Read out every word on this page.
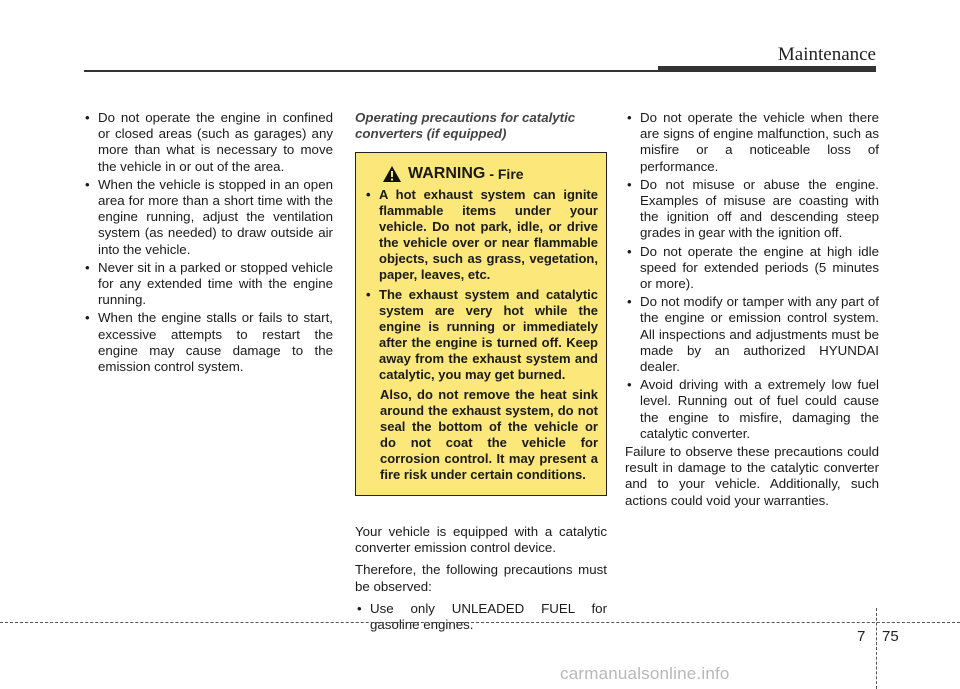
Maintenance
• Do not operate the engine in confined or closed areas (such as garages) any more than what is necessary to move the vehicle in or out of the area.
• When the vehicle is stopped in an open area for more than a short time with the engine running, adjust the ventilation system (as needed) to draw outside air into the vehicle.
• Never sit in a parked or stopped vehicle for any extended time with the engine running.
• When the engine stalls or fails to start, excessive attempts to restart the engine may cause damage to the emission control system.
Operating precautions for catalytic converters (if equipped)
WARNING - Fire
• A hot exhaust system can ignite flammable items under your vehicle. Do not park, idle, or drive the vehicle over or near flammable objects, such as grass, vegetation, paper, leaves, etc.
• The exhaust system and catalytic system are very hot while the engine is running or immediately after the engine is turned off. Keep away from the exhaust system and catalytic, you may get burned.

Also, do not remove the heat sink around the exhaust system, do not seal the bottom of the vehicle or do not coat the vehicle for corrosion control. It may present a fire risk under certain conditions.

Your vehicle is equipped with a catalytic converter emission control device.

Therefore, the following precautions must be observed:

• Use only UNLEADED FUEL for gasoline engines.
• Do not operate the vehicle when there are signs of engine malfunction, such as misfire or a noticeable loss of performance.
• Do not misuse or abuse the engine. Examples of misuse are coasting with the ignition off and descending steep grades in gear with the ignition off.
• Do not operate the engine at high idle speed for extended periods (5 minutes or more).
• Do not modify or tamper with any part of the engine or emission control system. All inspections and adjustments must be made by an authorized HYUNDAI dealer.
• Avoid driving with a extremely low fuel level. Running out of fuel could cause the engine to misfire, damaging the catalytic converter.

Failure to observe these precautions could result in damage to the catalytic converter and to your vehicle. Additionally, such actions could void your warranties.

7 75
carmanualsonline.info
